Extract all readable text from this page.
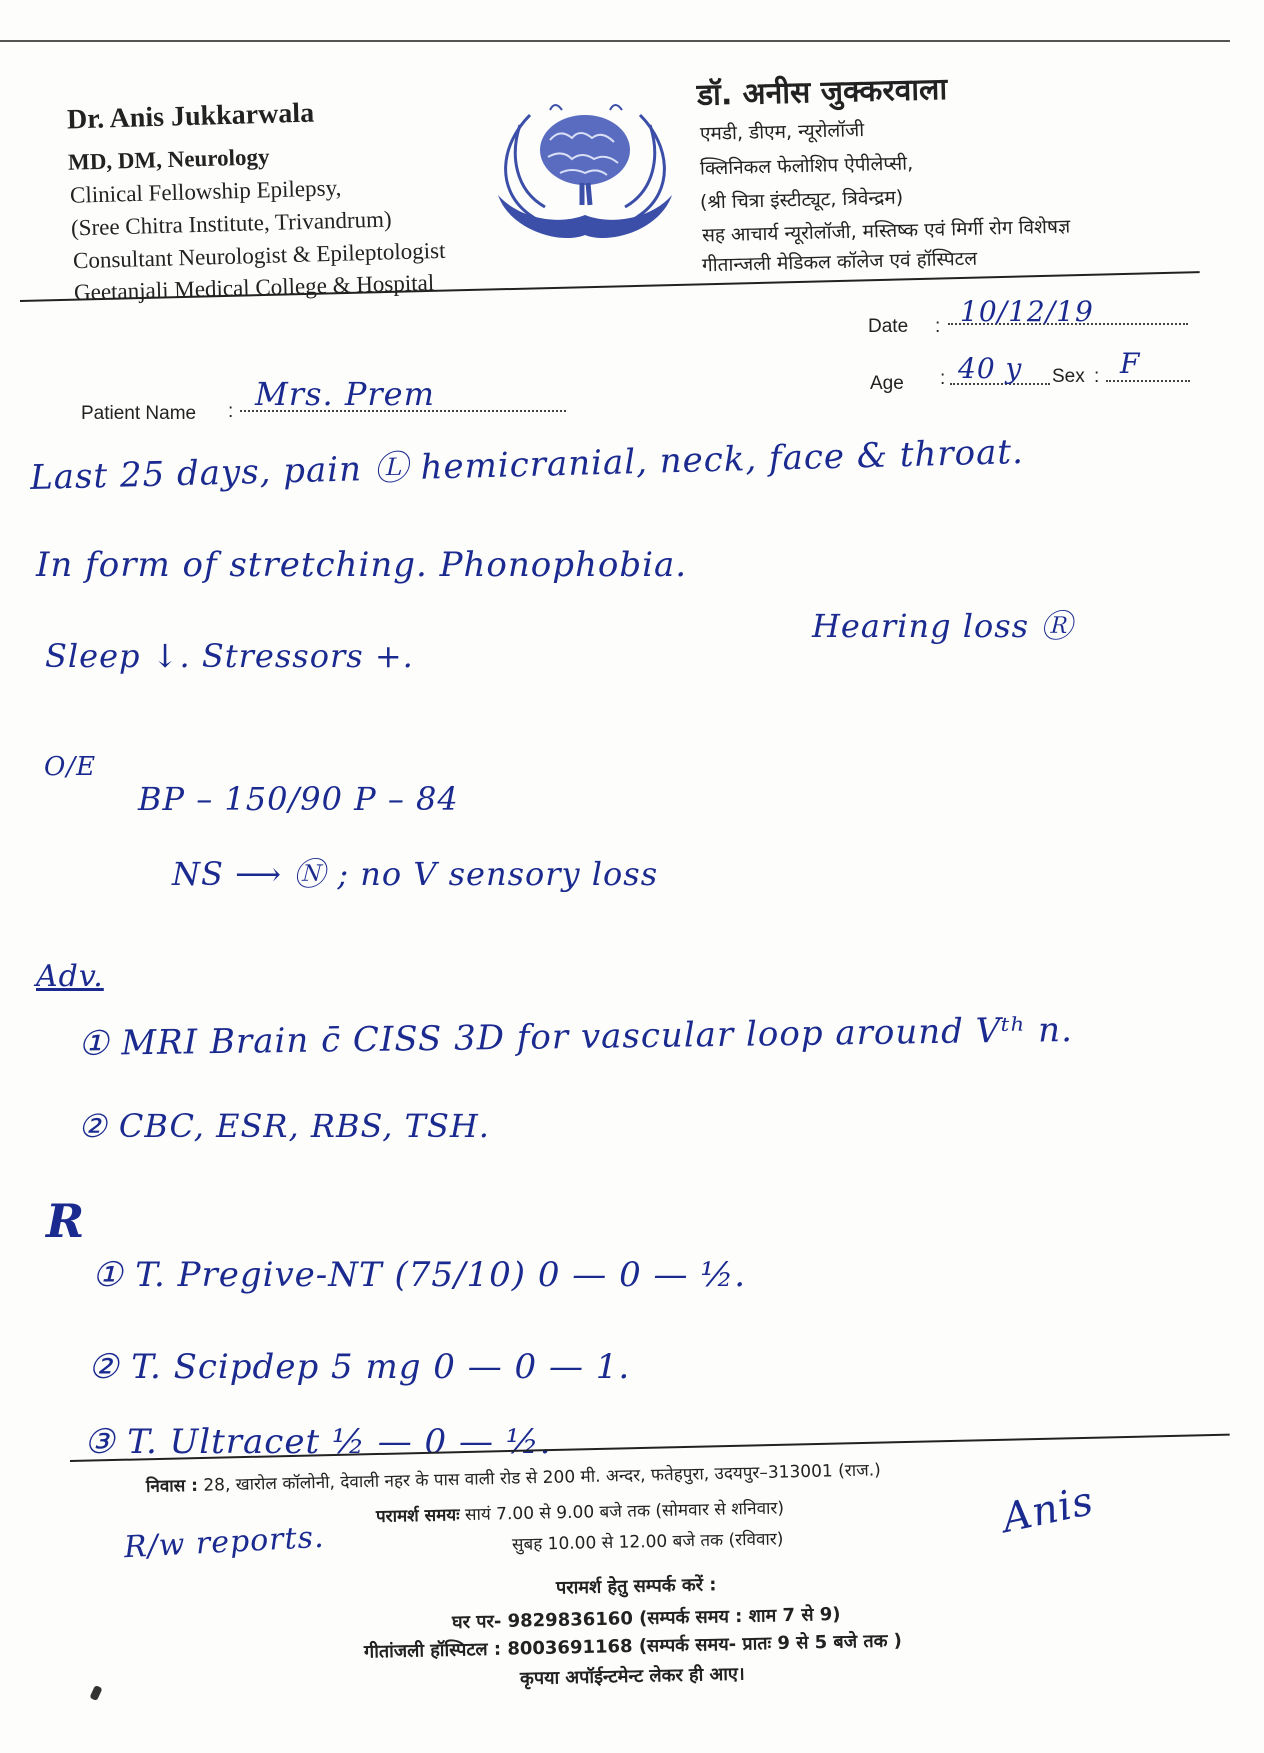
Dr. Anis Jukkarwala
MD, DM, Neurology
Clinical Fellowship Epilepsy,
(Sree Chitra Institute, Trivandrum)
Consultant Neurologist & Epileptologist
Geetanjali Medical College & Hospital
डॉ. अनीस जुक्करवाला
एमडी, डीएम, न्यूरोलॉजी
क्लिनिकल फेलोशिप ऐपीलेप्सी,
(श्री चित्रा इंस्टीट्यूट, त्रिवेन्द्रम)
सह आचार्य न्यूरोलॉजी, मस्तिष्क एवं मिर्गी रोग विशेषज्ञ
गीतान्जली मेडिकल कॉलेज एवं हॉस्पिटल
Date : 10/12/19
Age : 40 y Sex : F
Patient Name : Mrs. Prem
Last 25 days, pain Ⓛ hemicranial, neck, face & throat.
In form of stretching. Phonophobia.
Sleep ↓. Stressors +.
Hearing loss Ⓡ
O/E
BP – 150/90 P – 84
NS ⟶ Ⓝ ; no V sensory loss
Adv.
① MRI Brain c̄ CISS 3D for vascular loop around Vᵗʰ n.
② CBC, ESR, RBS, TSH.
R
① T. Pregive-NT (75/10) 0 — 0 — ½.
② T. Scipdep 5 mg 0 — 0 — 1.
③ T. Ultracet ½ — 0 — ½.
निवास : 28, खारोल कॉलोनी, देवाली नहर के पास वाली रोड से 200 मी. अन्दर, फतेहपुरा, उदयपुर–313001 (राज.)
परामर्श समयः सायं 7.00 से 9.00 बजे तक (सोमवार से शनिवार)
सुबह 10.00 से 12.00 बजे तक (रविवार)
R/w reports.
Anis
परामर्श हेतु सम्पर्क करें :
घर पर- 9829836160 (सम्पर्क समय : शाम 7 से 9)
गीतांजली हॉस्पिटल : 8003691168 (सम्पर्क समय- प्रातः 9 से 5 बजे तक )
कृपया अपॉईन्टमेन्ट लेकर ही आए।
